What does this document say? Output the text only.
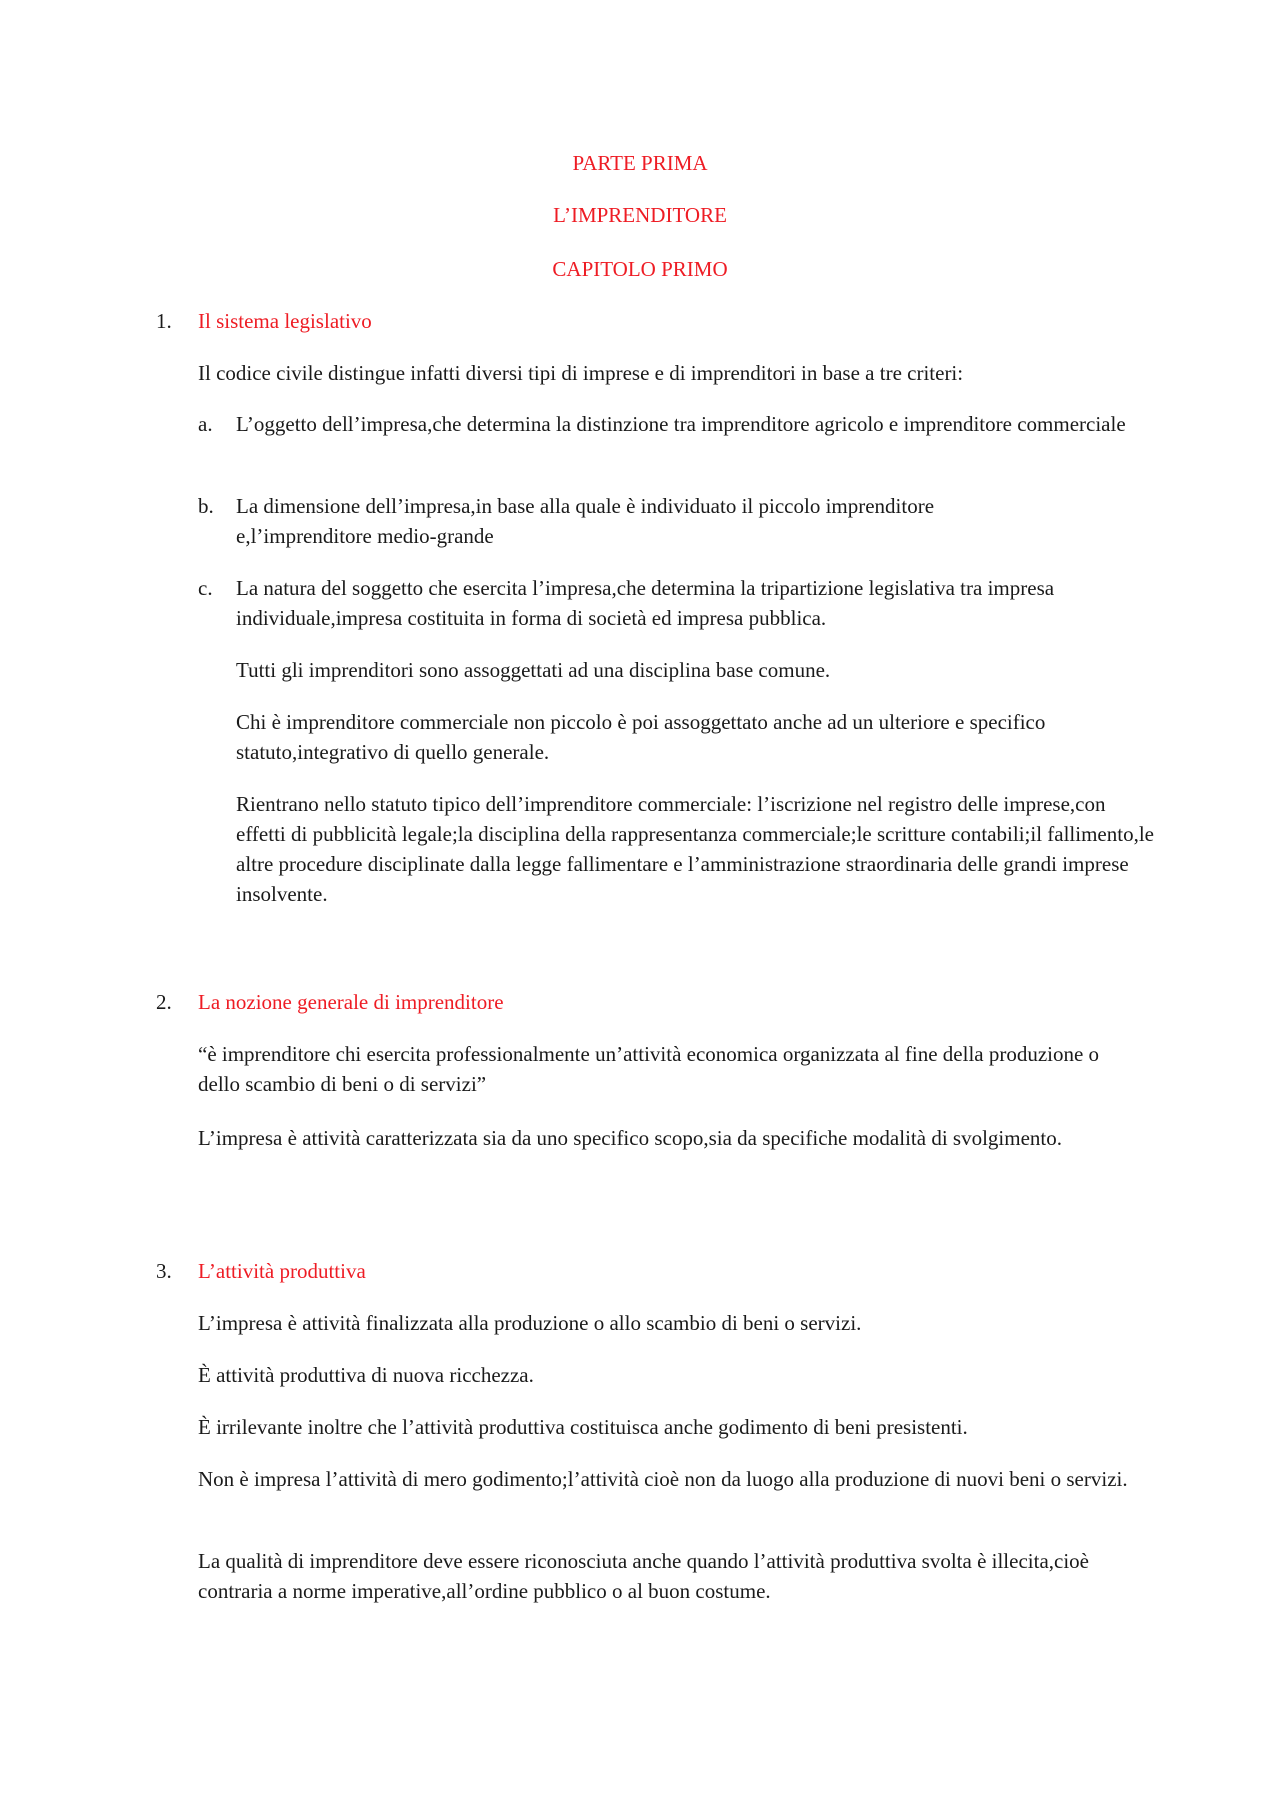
PARTE PRIMA
L’IMPRENDITORE
CAPITOLO PRIMO
1. Il sistema legislativo

Il codice civile distingue infatti diversi tipi di imprese e di imprenditori in base a tre criteri:

a. L’oggetto dell’impresa,che determina la distinzione tra imprenditore agricolo e imprenditore commerciale

b. La dimensione dell’impresa,in base alla quale è individuato il piccolo imprenditore e,l’imprenditore medio-grande

c. La natura del soggetto che esercita l’impresa,che determina la tripartizione legislativa tra impresa individuale,impresa costituita in forma di società ed impresa pubblica.

Tutti gli imprenditori sono assoggettati ad una disciplina base comune.

Chi è imprenditore commerciale non piccolo è poi assoggettato anche ad un ulteriore e specifico statuto,integrativo di quello generale.

Rientrano nello statuto tipico dell’imprenditore commerciale: l’iscrizione nel registro delle imprese,con effetti di pubblicità legale;la disciplina della rappresentanza commerciale;le scritture contabili;il fallimento,le altre procedure disciplinate dalla legge fallimentare e l’amministrazione straordinaria delle grandi imprese insolvente.

2. La nozione generale di imprenditore

“è imprenditore chi esercita professionalmente un’attività economica organizzata al fine della produzione o dello scambio di beni o di servizi”

L’impresa è attività caratterizzata sia da uno specifico scopo,sia da specifiche modalità di svolgimento.

3. L’attività produttiva

L’impresa è attività finalizzata alla produzione o allo scambio di beni o servizi.

È attività produttiva di nuova ricchezza.

È irrilevante inoltre che l’attività produttiva costituisca anche godimento di beni presistenti.

Non è impresa l’attività di mero godimento;l’attività cioè non da luogo alla produzione di nuovi beni o servizi.

La qualità di imprenditore deve essere riconosciuta anche quando l’attività produttiva svolta è illecita,cioè contraria a norme imperative,all’ordine pubblico o al buon costume.
